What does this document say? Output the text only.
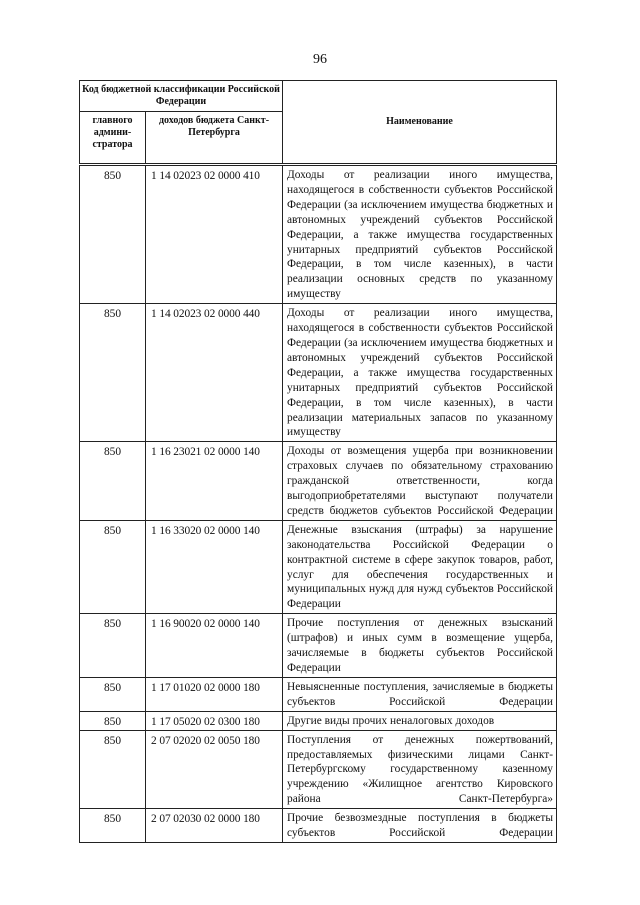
96
Код бюджетной классификации Российской Федерации		Наименование
главного админи-стратора	доходов бюджета Санкт-Петербурга	
850	1 14 02023 02 0000 410	Доходы от реализации иного имущества, находящегося в собственности субъектов Российской Федерации (за исключением имущества бюджетных и автономных учреждений субъектов Российской Федерации, а также имущества государственных унитарных предприятий субъектов Российской Федерации, в том числе казенных), в части реализации основных средств по указанному имуществу
850	1 14 02023 02 0000 440	Доходы от реализации иного имущества, находящегося в собственности субъектов Российской Федерации (за исключением имущества бюджетных и автономных учреждений субъектов Российской Федерации, а также имущества государственных унитарных предприятий субъектов Российской Федерации, в том числе казенных), в части реализации материальных запасов по указанному имуществу
850	1 16 23021 02 0000 140	Доходы от возмещения ущерба при возникновении страховых случаев по обязательному страхованию гражданской ответственности, когда выгодоприобретателями выступают получатели средств бюджетов субъектов Российской Федерации
850	1 16 33020 02 0000 140	Денежные взыскания (штрафы) за нарушение законодательства Российской Федерации о контрактной системе в сфере закупок товаров, работ, услуг для обеспечения государственных и муниципальных нужд для нужд субъектов Российской Федерации
850	1 16 90020 02 0000 140	Прочие поступления от денежных взысканий (штрафов) и иных сумм в возмещение ущерба, зачисляемые в бюджеты субъектов Российской Федерации
850	1 17 01020 02 0000 180	Невыясненные поступления, зачисляемые в бюджеты субъектов Российской Федерации
850	1 17 05020 02 0300 180	Другие виды прочих неналоговых доходов
850	2 07 02020 02 0050 180	Поступления от денежных пожертвований, предоставляемых физическими лицами Санкт-Петербургскому государственному казенному учреждению «Жилищное агентство Кировского района Санкт-Петербурга»
850	2 07 02030 02 0000 180	Прочие безвозмездные поступления в бюджеты субъектов Российской Федерации
